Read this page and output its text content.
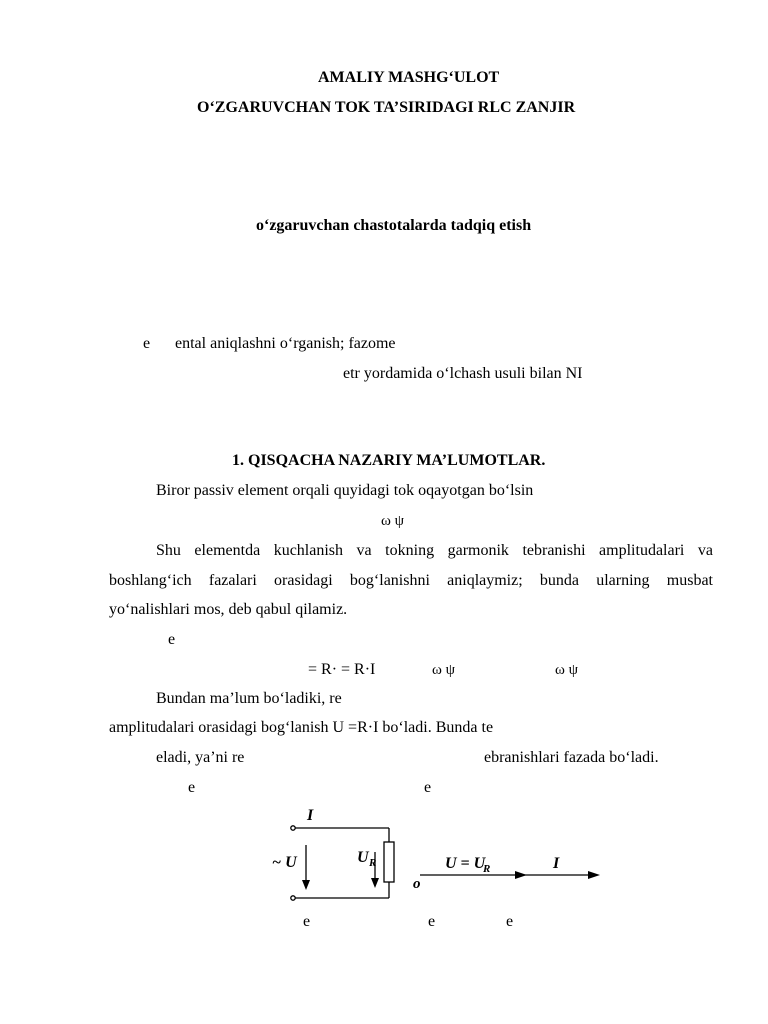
AMALIY MASHG‘ULOT
O‘ZGARUVCHAN TOK TA’SIRIDAGI RLC ZANJIR
o‘zgaruvchan chastotalarda tadqiq etish
e ental aniqlashni o‘rganish; fazome
etr yordamida o‘lchash usuli bilan NI
1. QISQACHA NAZARIY MA’LUMOTLAR.
Biror passiv element orqali quyidagi tok oqayotgan bo‘lsin
ω ψ
Shu elementda kuchlanish va tokning garmonik tebranishi amplitudalari va
boshlang‘ich fazalari orasidagi bog‘lanishni aniqlaymiz; bunda ularning musbat
yo‘nalishlari mos, deb qabul qilamiz.
e
= R· = R·I	ω ψ	ω ψ
Bundan ma’lum bo‘ladiki, re
amplitudalari orasidagi bog‘lanish U =R·I bo‘ladi. Bunda te
eladi, ya’ni re	ebranishlari fazada bo‘ladi.
e	e
I
~ U	U R
o
U = U
R	I
e	e	e
